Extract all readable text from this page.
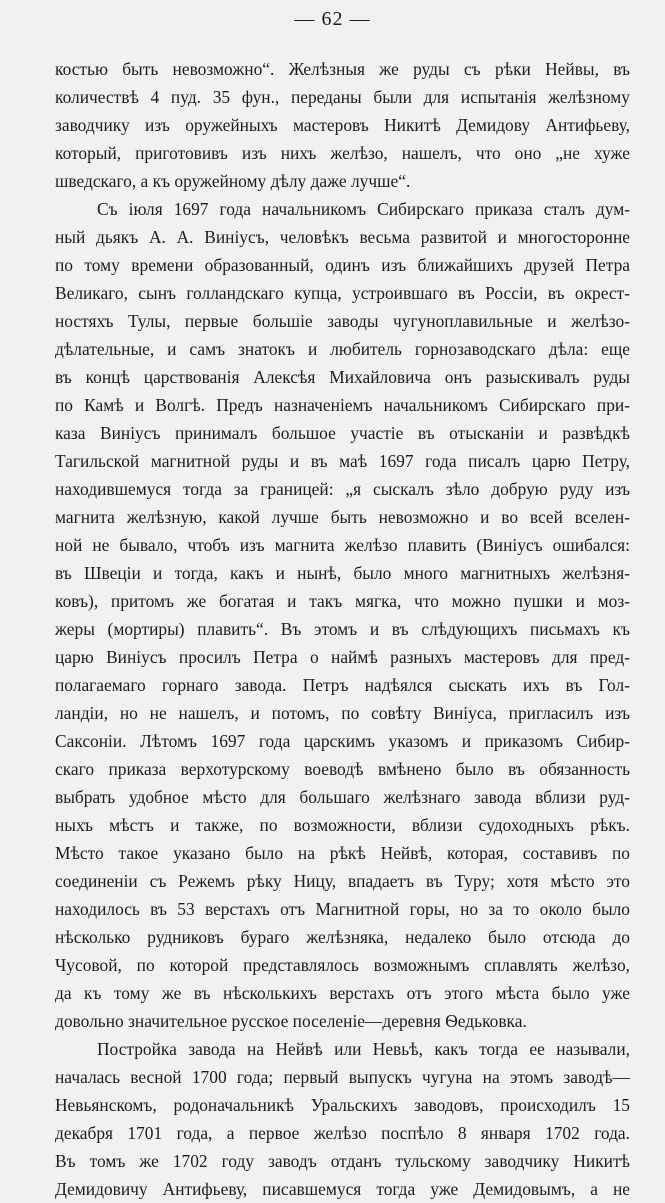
— 62 —
костью быть невозможно“. Желѣзныя же руды съ рѣки Нейвы, въ
количествѣ 4 пуд. 35 фун., переданы были для испытанія желѣзному
заводчику изъ оружейныхъ мастеровъ Никитѣ Демидову Антифьеву,
который, приготовивъ изъ нихъ желѣзо, нашелъ, что оно „не хуже
шведскаго, а къ оружейному дѣлу даже лучше“.
Съ іюля 1697 года начальникомъ Сибирскаго приказа сталъ дум-
ный дьякъ А. А. Виніусъ, человѣкъ весьма развитой и многосторонне
по тому времени образованный, одинъ изъ ближайшихъ друзей Петра
Великаго, сынъ голландскаго купца, устроившаго въ Россіи, въ окрест-
ностяхъ Тулы, первые большіе заводы чугуноплавильные и желѣзо-
дѣлательные, и самъ знатокъ и любитель горнозаводскаго дѣла: еще
въ концѣ царствованія Алексѣя Михайловича онъ разыскивалъ руды
по Камѣ и Волгѣ. Предъ назначеніемъ начальникомъ Сибирскаго при-
каза Виніусъ принималъ большое участіе въ отысканіи и развѣдкѣ
Тагильской магнитной руды и въ маѣ 1697 года писалъ царю Петру,
находившемуся тогда за границей: „я сыскалъ зѣло добрую руду изъ
магнита желѣзную, какой лучше быть невозможно и во всей вселен-
ной не бывало, чтобъ изъ магнита желѣзо плавить (Виніусъ ошибался:
въ Швеціи и тогда, какъ и нынѣ, было много магнитныхъ желѣзня-
ковъ), притомъ же богатая и такъ мягка, что можно пушки и моз-
жеры (мортиры) плавить“. Въ этомъ и въ слѣдующихъ письмахъ къ
царю Виніусъ просилъ Петра о наймѣ разныхъ мастеровъ для пред-
полагаемаго горнаго завода. Петръ надѣялся сыскать ихъ въ Гол-
ландіи, но не нашелъ, и потомъ, по совѣту Виніуса, пригласилъ изъ
Саксоніи. Лѣтомъ 1697 года царскимъ указомъ и приказомъ Сибир-
скаго приказа верхотурскому воеводѣ вмѣнено было въ обязанность
выбрать удобное мѣсто для большаго желѣзнаго завода вблизи руд-
ныхъ мѣстъ и также, по возможности, вблизи судоходныхъ рѣкъ.
Мѣсто такое указано было на рѣкѣ Нейвѣ, которая, составивъ по
соединеніи съ Режемъ рѣку Ницу, впадаетъ въ Туру; хотя мѣсто это
находилось въ 53 верстахъ отъ Магнитной горы, но за то около было
нѣсколько рудниковъ бураго желѣзняка, недалеко было отсюда до
Чусовой, по которой представлялось возможнымъ сплавлять желѣзо,
да къ тому же въ нѣсколькихъ верстахъ отъ этого мѣста было уже
довольно значительное русское поселеніе—деревня Ѳедьковка.
Постройка завода на Нейвѣ или Невьѣ, какъ тогда ее называли,
началась весной 1700 года; первый выпускъ чугуна на этомъ заводѣ—
Невьянскомъ, родоначальникѣ Уральскихъ заводовъ, происходилъ 15
декабря 1701 года, а первое желѣзо поспѣло 8 января 1702 года.
Въ томъ же 1702 году заводъ отданъ тульскому заводчику Никитѣ
Демидовичу Антифьеву, писавшемуся тогда уже Демидовымъ, а не
